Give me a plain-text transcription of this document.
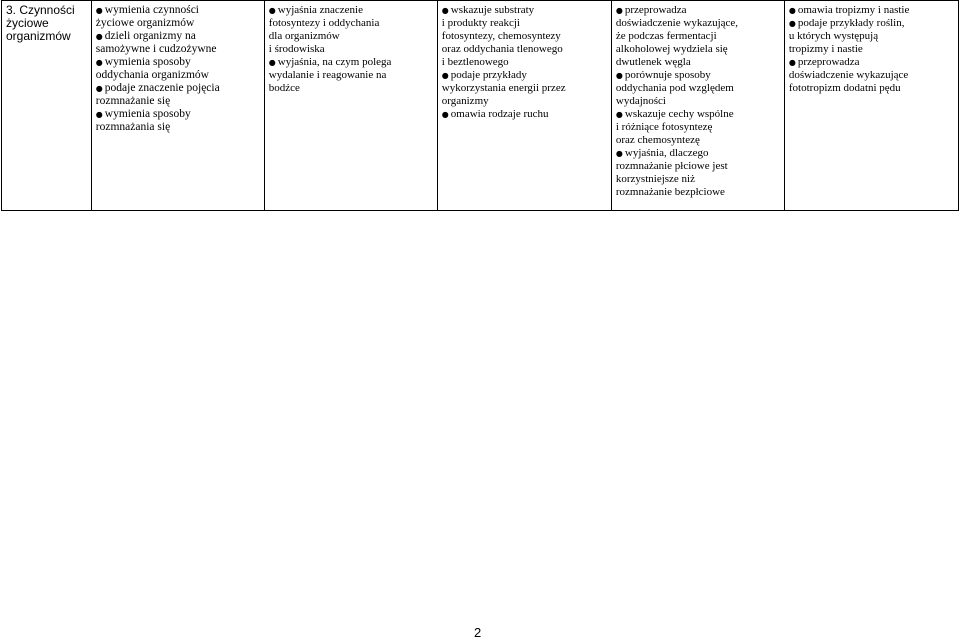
3. Czynności życiowe organizmów	
● wymienia czynności
życiowe organizmów
● dzieli organizmy na
samożywne i cudzożywne
● wymienia sposoby
oddychania organizmów
● podaje znaczenie pojęcia
rozmnażanie się
● wymienia sposoby
rozmnażania się

● wyjaśnia znaczenie
fotosyntezy i oddychania
dla organizmów
i środowiska
● wyjaśnia, na czym polega
wydalanie i reagowanie na
bodźce

● wskazuje substraty
i produkty reakcji
fotosyntezy, chemosyntezy
oraz oddychania tlenowego
i beztlenowego
● podaje przykłady
wykorzystania energii przez
organizmy
● omawia rodzaje ruchu

● przeprowadza
doświadczenie wykazujące,
że podczas fermentacji
alkoholowej wydziela się
dwutlenek węgla
● porównuje sposoby
oddychania pod względem
wydajności
● wskazuje cechy wspólne
i różniące fotosyntezę
oraz chemosyntezę
● wyjaśnia, dlaczego
rozmnażanie płciowe jest
korzystniejsze niż
rozmnażanie bezpłciowe

● omawia tropizmy i nastie
● podaje przykłady roślin,
u których występują
tropizmy i nastie
● przeprowadza
doświadczenie wykazujące
fototropizm dodatni pędu
2
